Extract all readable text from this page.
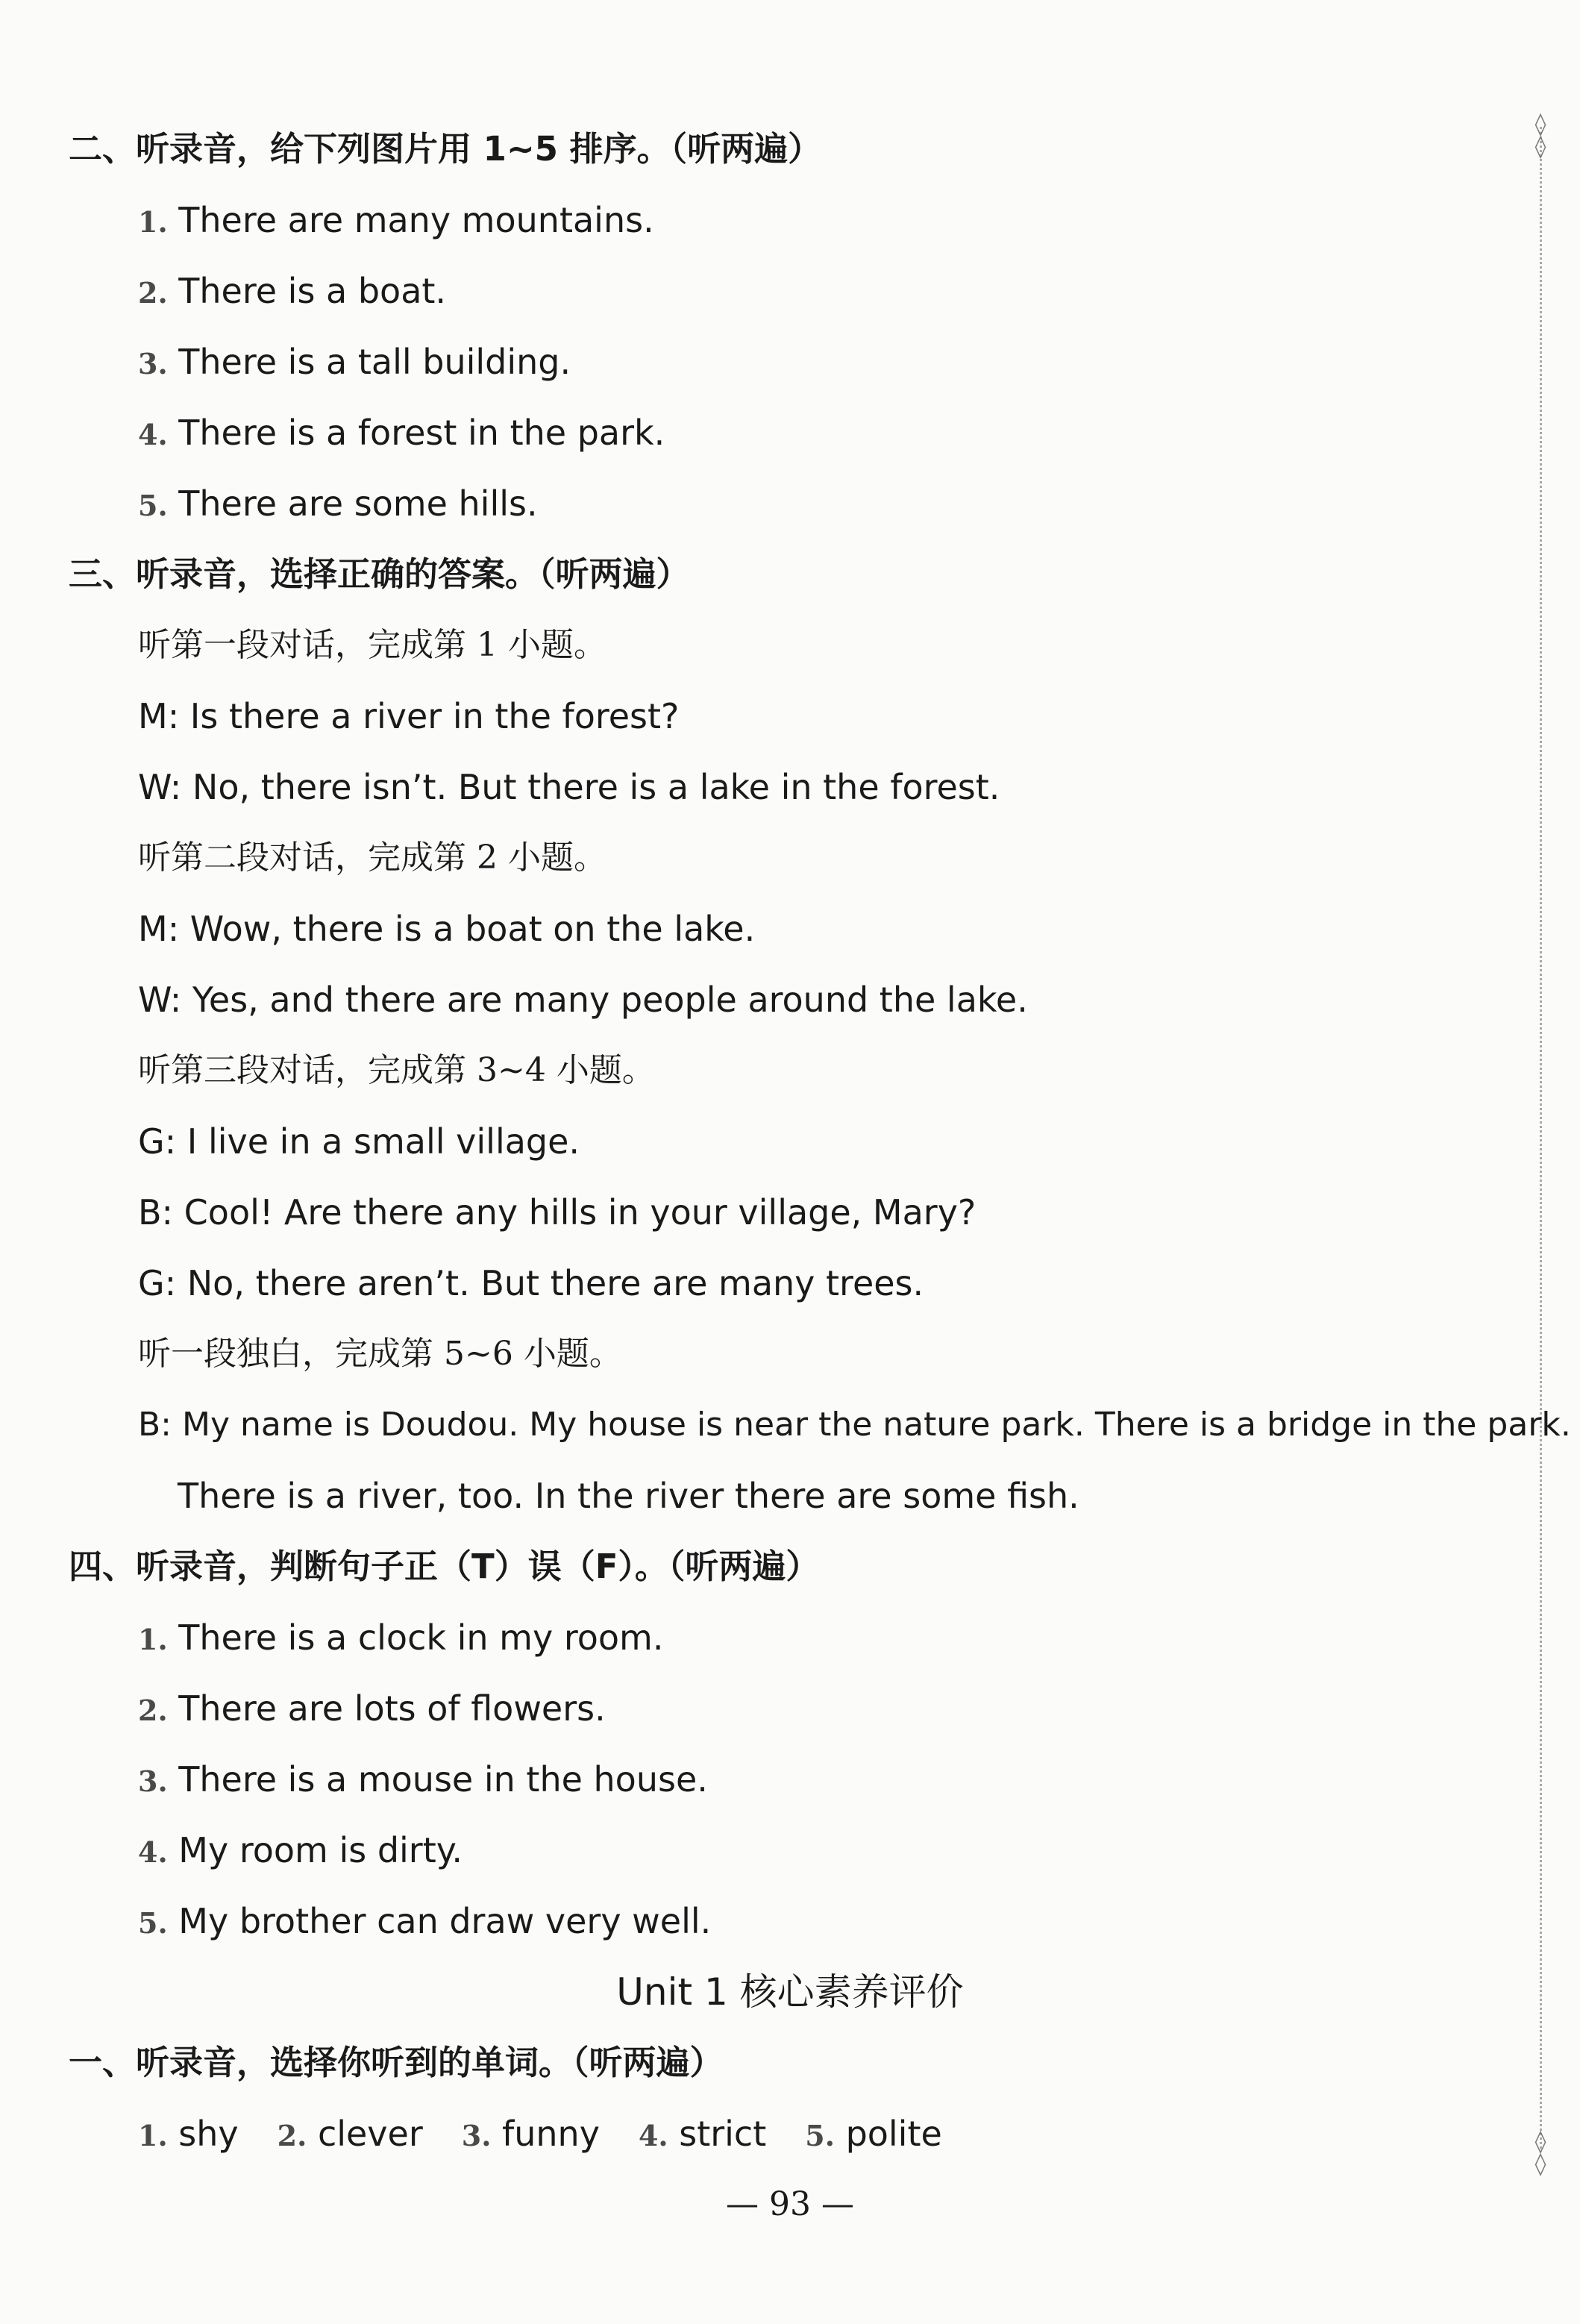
◊
◊
◊
◊
二、听录音，给下列图片用 1~5 排序。（听两遍）
1. There are many mountains.
2. There is a boat.
3. There is a tall building.
4. There is a forest in the park.
5. There are some hills.
三、听录音，选择正确的答案。（听两遍）
听第一段对话，完成第 1 小题。
M: Is there a river in the forest?
W: No, there isn’t. But there is a lake in the forest.
听第二段对话，完成第 2 小题。
M: Wow, there is a boat on the lake.
W: Yes, and there are many people around the lake.
听第三段对话，完成第 3~4 小题。
G: I live in a small village.
B: Cool! Are there any hills in your village, Mary?
G: No, there aren’t. But there are many trees.
听一段独白，完成第 5~6 小题。
B: My name is Doudou. My house is near the nature park. There is a bridge in the park.
There is a river, too. In the river there are some fish.
四、听录音，判断句子正（T）误（F）。（听两遍）
1. There is a clock in my room.
2. There are lots of flowers.
3. There is a mouse in the house.
4. My room is dirty.
5. My brother can draw very well.
Unit 1 核心素养评价
一、听录音，选择你听到的单词。（听两遍）
1. shy 2. clever 3. funny 4. strict 5. polite
— 93 —
